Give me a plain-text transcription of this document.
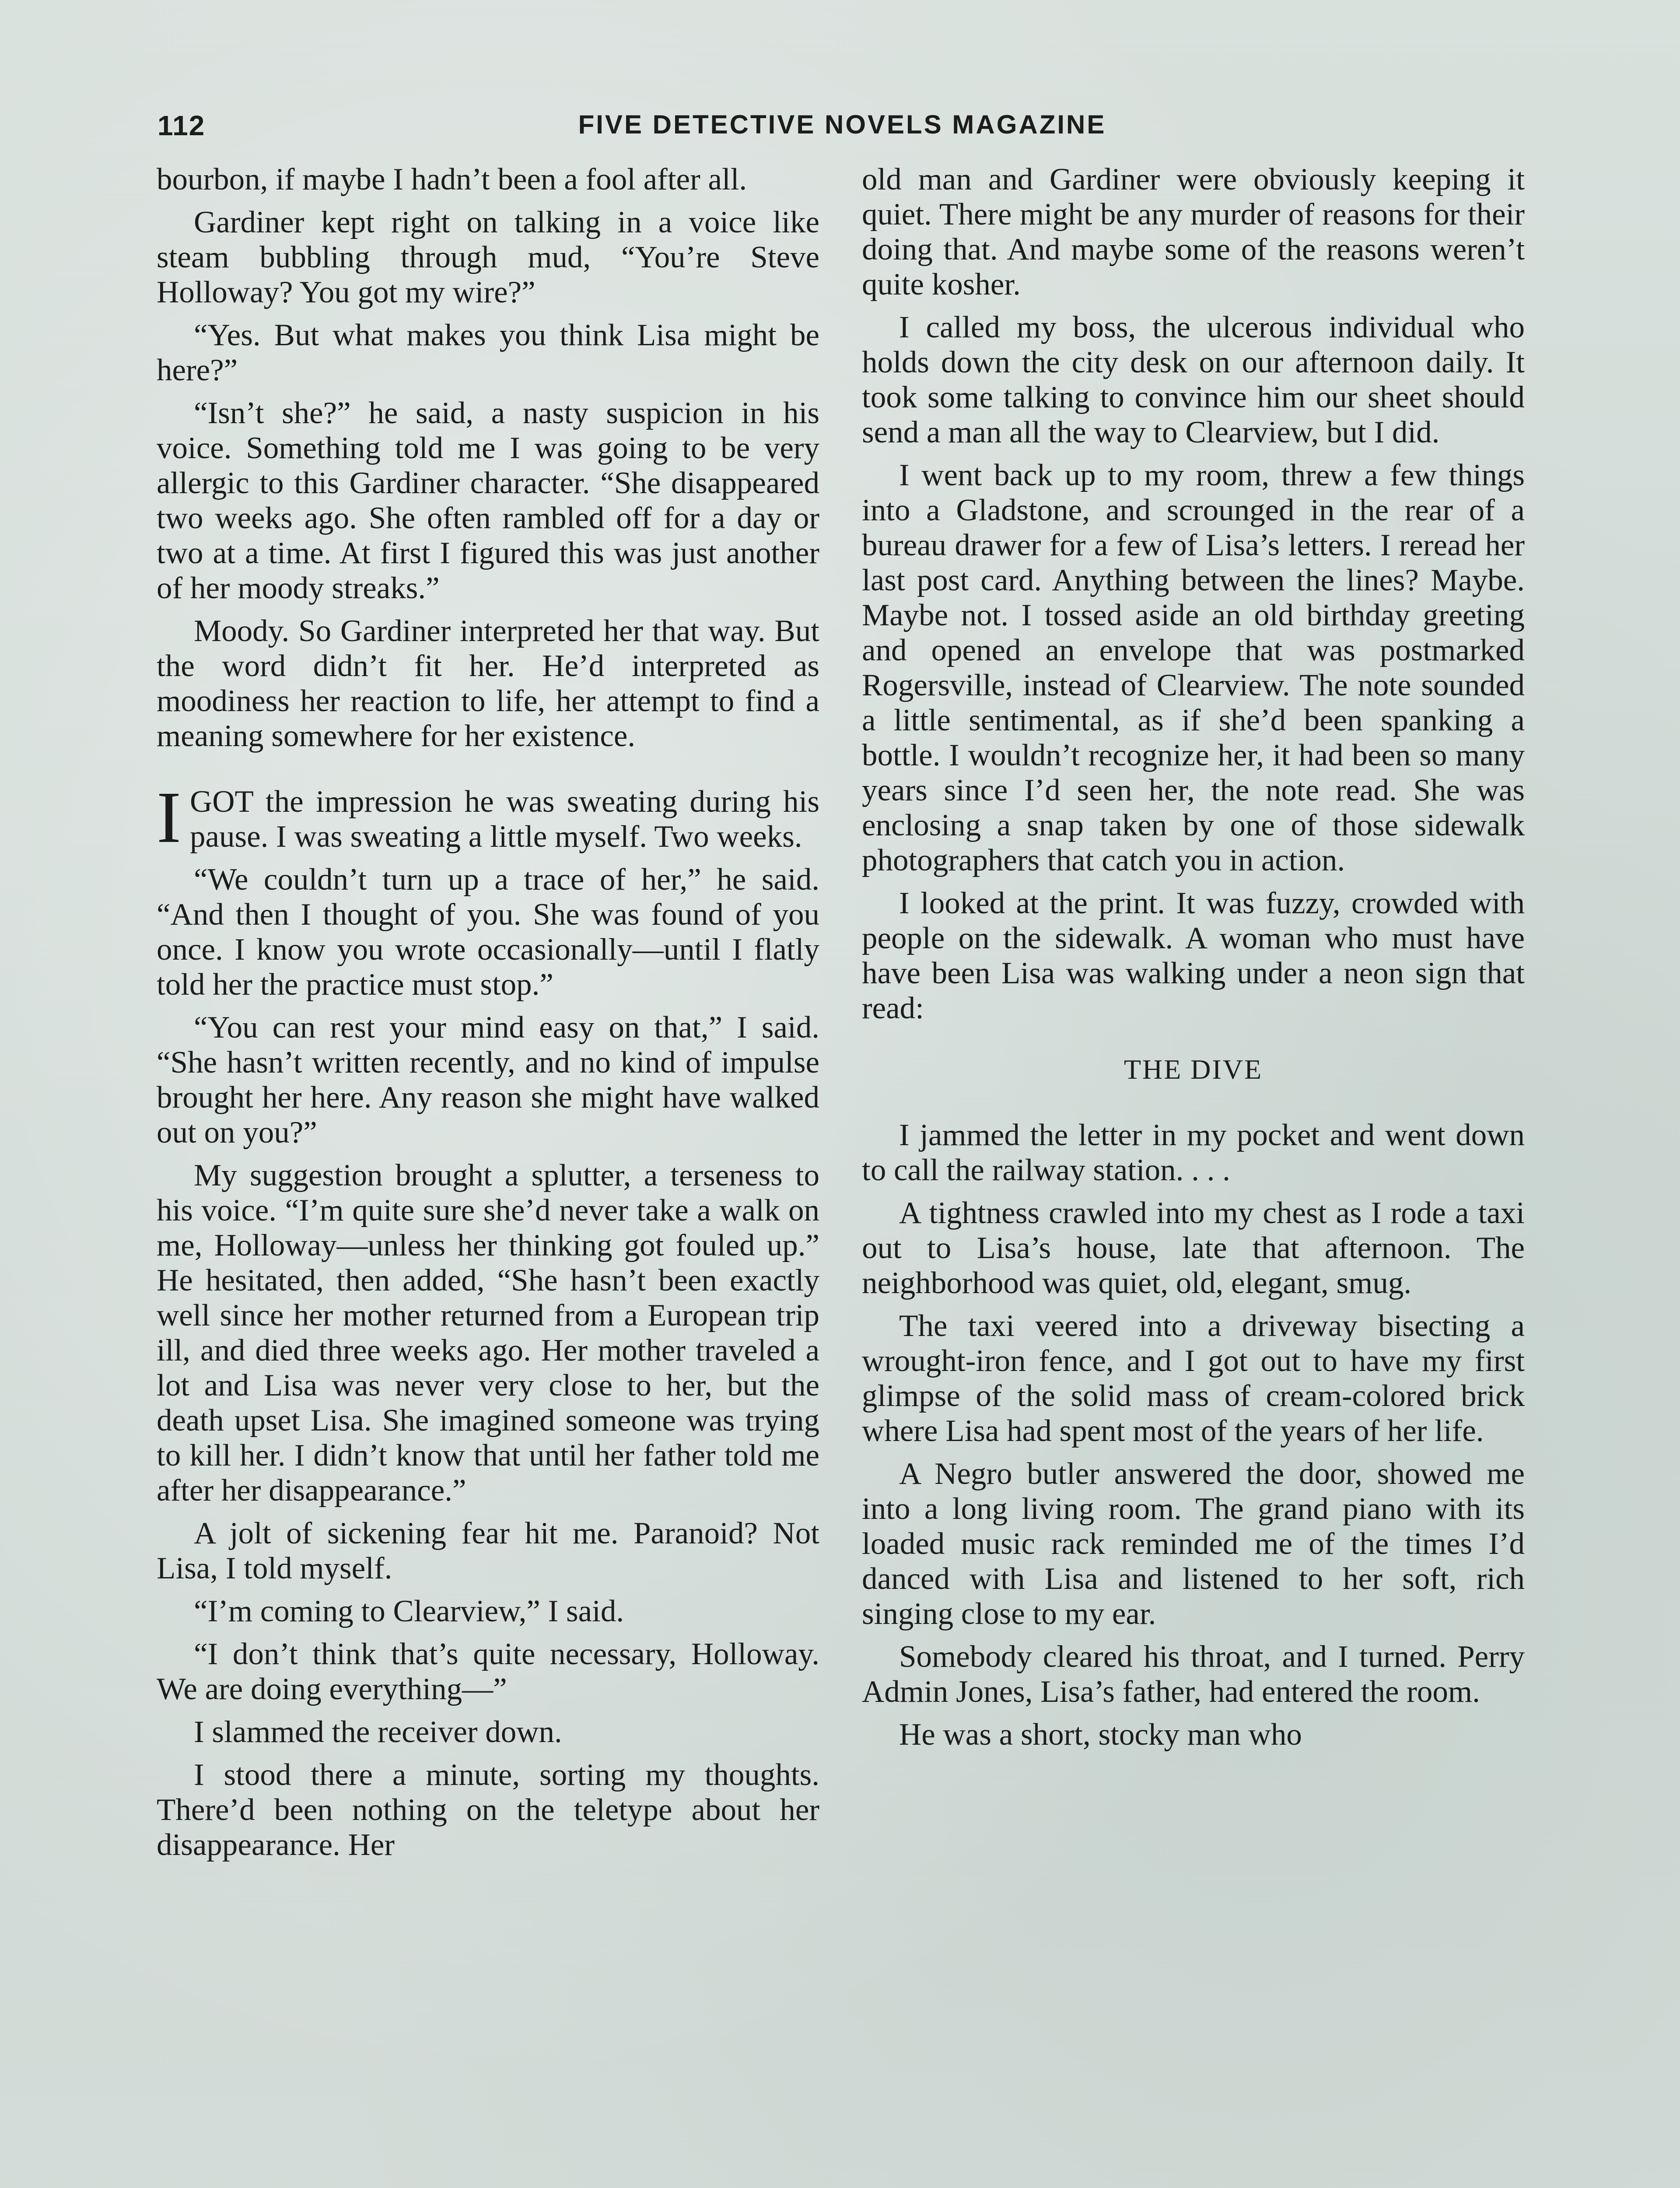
112	FIVE DETECTIVE NOVELS MAGAZINE

bourbon, if maybe I hadn’t been a fool after all.

Gardiner kept right on talking in a voice like steam bubbling through mud, “You’re Steve Holloway? You got my wire?”

“Yes. But what makes you think Lisa might be here?”

“Isn’t she?” he said, a nasty suspicion in his voice. Something told me I was going to be very allergic to this Gardiner character. “She disappeared two weeks ago. She often rambled off for a day or two at a time. At first I figured this was just another of her moody streaks.”

Moody. So Gardiner interpreted her that way. But the word didn’t fit her. He’d interpreted as moodiness her reaction to life, her attempt to find a meaning somewhere for her existence.

IGOT the impression he was sweating during his pause. I was sweating a little myself. Two weeks.

“We couldn’t turn up a trace of her,” he said. “And then I thought of you. She was found of you once. I know you wrote occasionally—until I flatly told her the practice must stop.”

“You can rest your mind easy on that,” I said. “She hasn’t written recently, and no kind of impulse brought her here. Any reason she might have walked out on you?”

My suggestion brought a splutter, a terseness to his voice. “I’m quite sure she’d never take a walk on me, Holloway—unless her thinking got fouled up.” He hesitated, then added, “She hasn’t been exactly well since her mother returned from a European trip ill, and died three weeks ago. Her mother traveled a lot and Lisa was never very close to her, but the death upset Lisa. She imagined someone was trying to kill her. I didn’t know that until her father told me after her disappearance.”

A jolt of sickening fear hit me. Paranoid? Not Lisa, I told myself.

“I’m coming to Clearview,” I said.

“I don’t think that’s quite necessary, Holloway. We are doing everything—”

I slammed the receiver down.

I stood there a minute, sorting my thoughts. There’d been nothing on the teletype about her disappearance. Her

old man and Gardiner were obviously keeping it quiet. There might be any murder of reasons for their doing that. And maybe some of the reasons weren’t quite kosher.

I called my boss, the ulcerous individual who holds down the city desk on our afternoon daily. It took some talking to convince him our sheet should send a man all the way to Clearview, but I did.

I went back up to my room, threw a few things into a Gladstone, and scrounged in the rear of a bureau drawer for a few of Lisa’s letters. I reread her last post card. Anything between the lines? Maybe. Maybe not. I tossed aside an old birthday greeting and opened an envelope that was postmarked Rogersville, instead of Clearview. The note sounded a little sentimental, as if she’d been spanking a bottle. I wouldn’t recognize her, it had been so many years since I’d seen her, the note read. She was enclosing a snap taken by one of those sidewalk photographers that catch you in action.

I looked at the print. It was fuzzy, crowded with people on the sidewalk. A woman who must have have been Lisa was walking under a neon sign that read:

THE DIVE

I jammed the letter in my pocket and went down to call the railway station. . . .

A tightness crawled into my chest as I rode a taxi out to Lisa’s house, late that afternoon. The neighborhood was quiet, old, elegant, smug.

The taxi veered into a driveway bisecting a wrought-iron fence, and I got out to have my first glimpse of the solid mass of cream-colored brick where Lisa had spent most of the years of her life.

A Negro butler answered the door, showed me into a long living room. The grand piano with its loaded music rack reminded me of the times I’d danced with Lisa and listened to her soft, rich singing close to my ear.

Somebody cleared his throat, and I turned. Perry Admin Jones, Lisa’s father, had entered the room.

He was a short, stocky man who
